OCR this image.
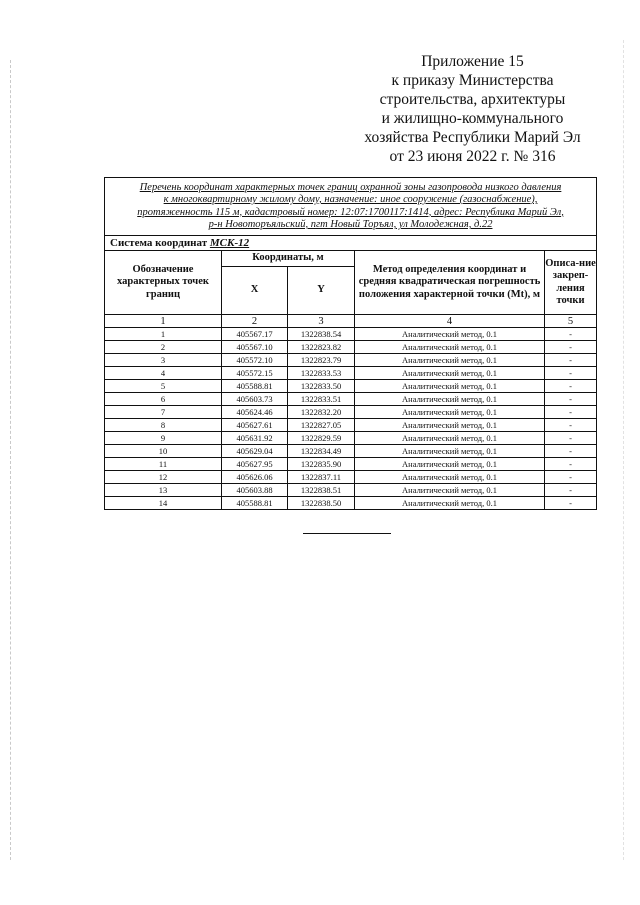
Приложение 15
к приказу Министерства
строительства, архитектуры
и жилищно-коммунального
хозяйства Республики Марий Эл
от 23 июня 2022 г. № 316
Перечень координат характерных точек границ охранной зоны газопровода низкого давления
к многоквартирному жилому дому, назначение: иное сооружение (газоснабжение),
протяженность 115 м, кадастровый номер: 12:07:1700117:1414, адрес: Республика Марий Эл,
р-н Новоторъяльский, пгт Новый Торъял, ул Молодежная, д.22				

Система координат МСК-12				
Обозначение характерных точек границ	Координаты, м		Метод определения координат и средняя квадратическая погрешность положения характерной точки (Mt), м	Описа-ние закреп-ления точки
	X	Y		
1	2	3	4	5
1	405567.17	1322838.54	Аналитический метод, 0.1	-
2	405567.10	1322823.82	Аналитический метод, 0.1	-
3	405572.10	1322823.79	Аналитический метод, 0.1	-
4	405572.15	1322833.53	Аналитический метод, 0.1	-
5	405588.81	1322833.50	Аналитический метод, 0.1	-
6	405603.73	1322833.51	Аналитический метод, 0.1	-
7	405624.46	1322832.20	Аналитический метод, 0.1	-
8	405627.61	1322827.05	Аналитический метод, 0.1	-
9	405631.92	1322829.59	Аналитический метод, 0.1	-
10	405629.04	1322834.49	Аналитический метод, 0.1	-
11	405627.95	1322835.90	Аналитический метод, 0.1	-
12	405626.06	1322837.11	Аналитический метод, 0.1	-
13	405603.88	1322838.51	Аналитический метод, 0.1	-
14	405588.81	1322838.50	Аналитический метод, 0.1	-
